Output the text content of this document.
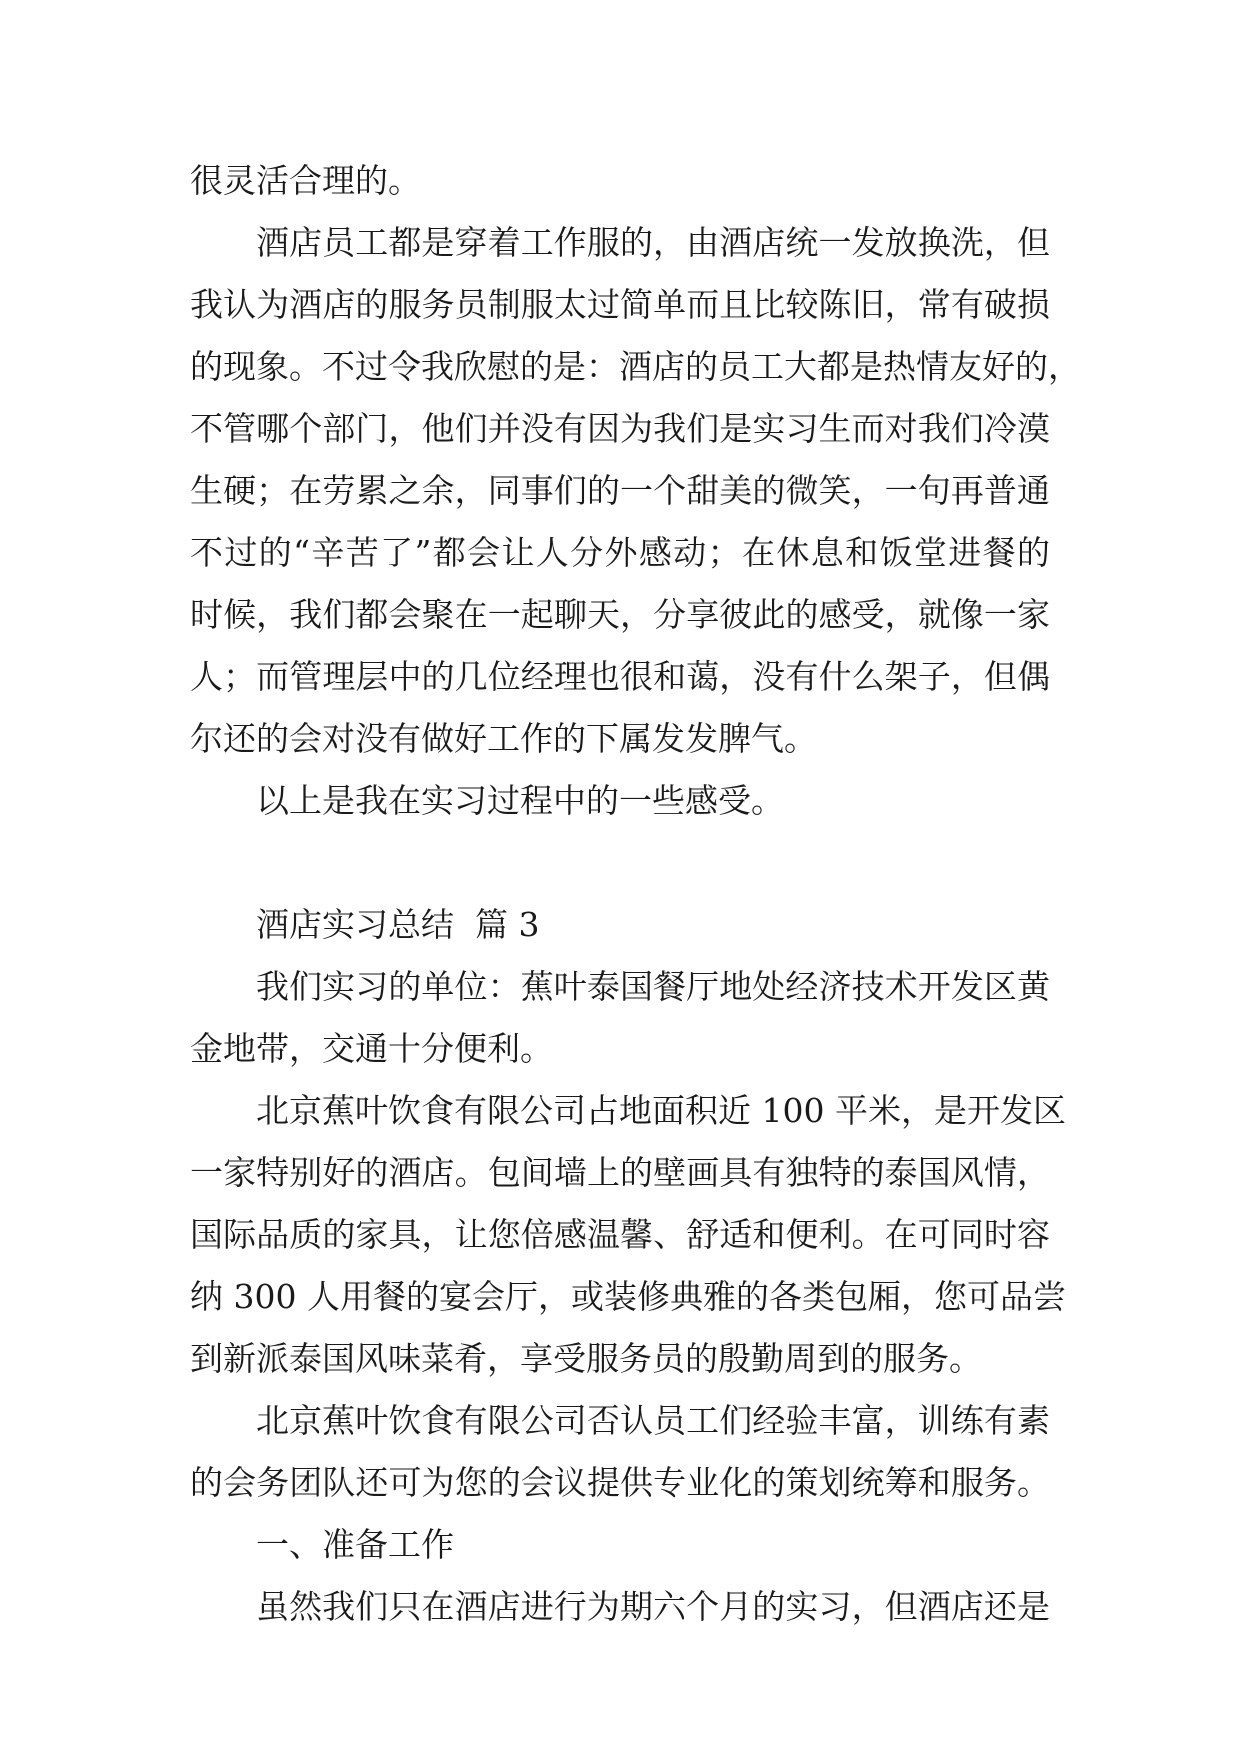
很灵活合理的。
酒店员工都是穿着工作服的，由酒店统一发放换洗，但
我认为酒店的服务员制服太过简单而且比较陈旧，常有破损
的现象。不过令我欣慰的是：酒店的员工大都是热情友好的，
不管哪个部门，他们并没有因为我们是实习生而对我们冷漠
生硬；在劳累之余，同事们的一个甜美的微笑，一句再普通
不过的“辛苦了”都会让人分外感动；在休息和饭堂进餐的
时候，我们都会聚在一起聊天，分享彼此的感受，就像一家
人；而管理层中的几位经理也很和蔼，没有什么架子，但偶
尔还的会对没有做好工作的下属发发脾气。
以上是我在实习过程中的一些感受。
酒店实习总结  篇 3
我们实习的单位：蕉叶泰国餐厅地处经济技术开发区黄
金地带，交通十分便利。
北京蕉叶饮食有限公司占地面积近 100 平米，是开发区
一家特别好的酒店。包间墙上的壁画具有独特的泰国风情，
国际品质的家具，让您倍感温馨、舒适和便利。在可同时容
纳 300 人用餐的宴会厅，或装修典雅的各类包厢，您可品尝
到新派泰国风味菜肴，享受服务员的殷勤周到的服务。
北京蕉叶饮食有限公司否认员工们经验丰富，训练有素
的会务团队还可为您的会议提供专业化的策划统筹和服务。
一、准备工作
虽然我们只在酒店进行为期六个月的实习，但酒店还是
